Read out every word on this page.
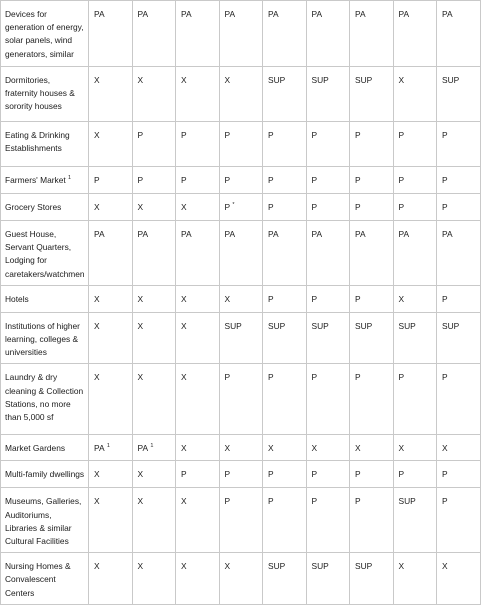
Devices for generation of energy, solar panels, wind generators, similar	PA	PA	PA	PA	PA	PA	PA	PA	PA
Dormitories, fraternity houses & sorority houses	X	X	X	X	SUP	SUP	SUP	X	SUP
Eating & Drinking Establishments	X	P	P	P	P	P	P	P	P
Farmers' Market $^1$	P	P	P	P	P	P	P	P	P
Grocery Stores	X	X	X	P *	P	P	P	P	P
Guest House, Servant Quarters, Lodging for caretakers/watchmen	PA	PA	PA	PA	PA	PA	PA	PA	PA
Hotels	X	X	X	X	P	P	P	X	P
Institutions of higher learning, colleges & universities	X	X	X	SUP	SUP	SUP	SUP	SUP	SUP
Laundry & dry cleaning & Collection Stations, no more than 5,000 sf	X	X	X	P	P	P	P	P	P
Market Gardens	PA $^1$	PA $^1$	X	X	X	X	X	X	X
Multi-family dwellings	X	X	P	P	P	P	P	P	P
Museums, Galleries, Auditoriums, Libraries & similar Cultural Facilities	X	X	X	P	P	P	P	SUP	P
Nursing Homes & Convalescent Centers	X	X	X	X	SUP	SUP	SUP	X	X
